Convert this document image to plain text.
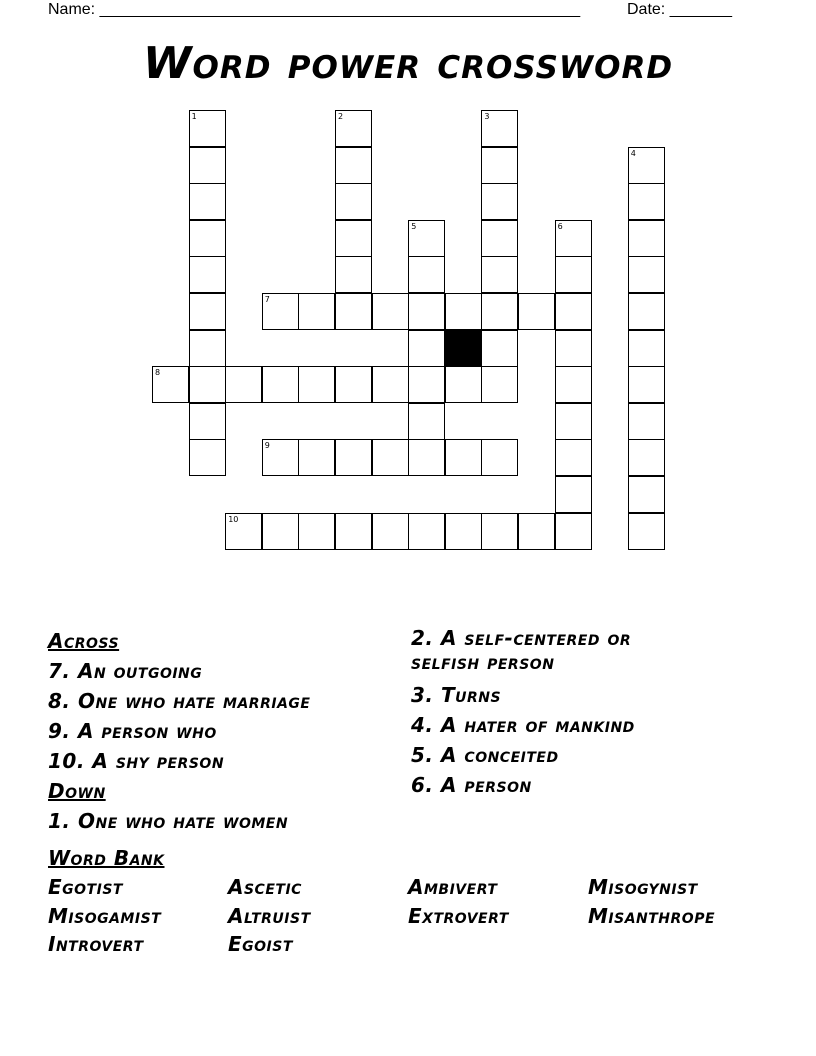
Name: ______________________________________________________	Date: _______
Word power crossword
1	2	3
4
5	6
7
8
9
10
Across
7. An outgoing
8. One who hate marriage
9. A person who
10. A shy person
Down
1. One who hate women
2. A self-centered or
selfish person
3. Turns
4. A hater of mankind
5. A conceited
6. A person
Word Bank
Egotist	Ascetic	Ambivert	Misogynist
Misogamist	Altruist	Extrovert	Misanthrope
Introvert	Egoist
